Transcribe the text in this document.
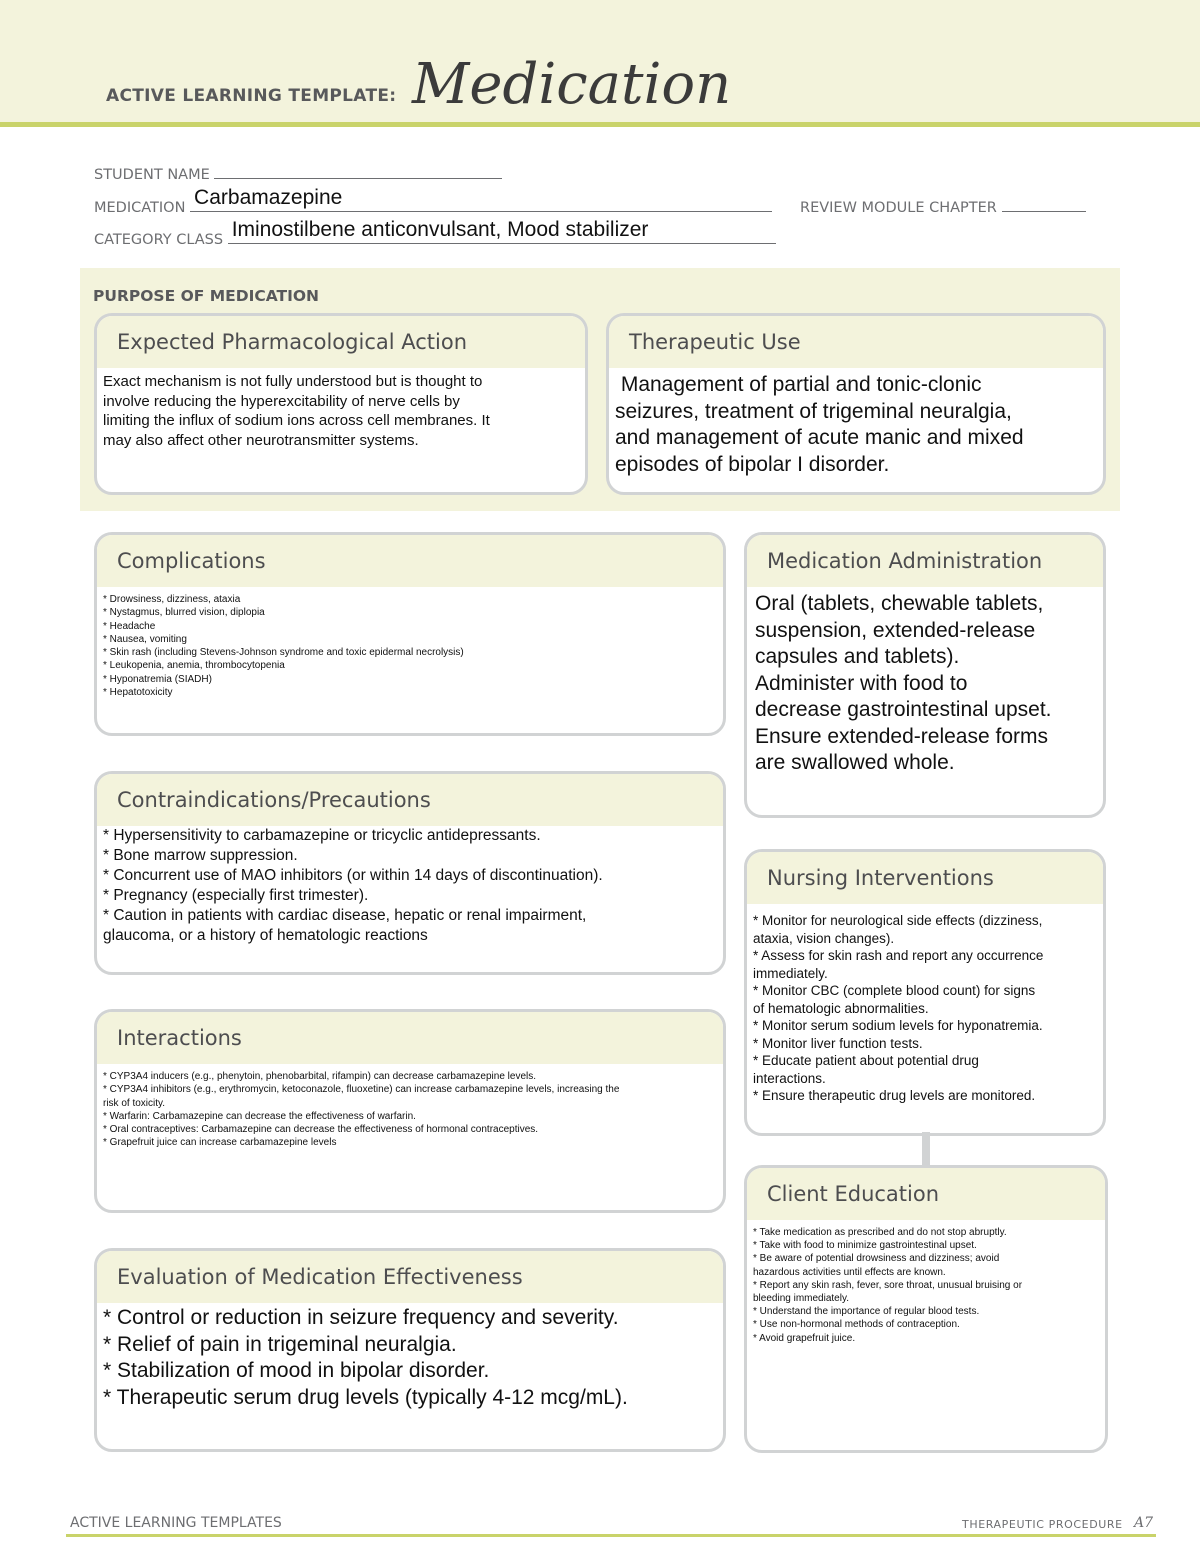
ACTIVE LEARNING TEMPLATE: Medication
STUDENT NAME
MEDICATION Carbamazepine	REVIEW MODULE CHAPTER
CATEGORY CLASS Iminostilbene anticonvulsant, Mood stabilizer
PURPOSE OF MEDICATION
Expected Pharmacological Action

Exact mechanism is not fully understood but is thought to

involve reducing the hyperexcitability of nerve cells by

limiting the influx of sodium ions across cell membranes. It

may also affect other neurotransmitter systems.

Therapeutic Use

Management of partial and tonic-clonic

seizures, treatment of trigeminal neuralgia,

and management of acute manic and mixed

episodes of bipolar I disorder.

Complications

* Drowsiness, dizziness, ataxia

* Nystagmus, blurred vision, diplopia

* Headache

* Nausea, vomiting

* Skin rash (including Stevens-Johnson syndrome and toxic epidermal necrolysis)

* Leukopenia, anemia, thrombocytopenia

* Hyponatremia (SIADH)

* Hepatotoxicity

Medication Administration

Oral (tablets, chewable tablets,

suspension, extended-release

capsules and tablets).

Administer with food to

decrease gastrointestinal upset.

Ensure extended-release forms

are swallowed whole.

Contraindications/Precautions

* Hypersensitivity to carbamazepine or tricyclic antidepressants.

* Bone marrow suppression.

* Concurrent use of MAO inhibitors (or within 14 days of discontinuation).

* Pregnancy (especially first trimester).

* Caution in patients with cardiac disease, hepatic or renal impairment,

glaucoma, or a history of hematologic reactions

Nursing Interventions

* Monitor for neurological side effects (dizziness,

ataxia, vision changes).

* Assess for skin rash and report any occurrence

immediately.

* Monitor CBC (complete blood count) for signs

of hematologic abnormalities.

* Monitor serum sodium levels for hyponatremia.

* Monitor liver function tests.

* Educate patient about potential drug

interactions.

* Ensure therapeutic drug levels are monitored.

Interactions

* CYP3A4 inducers (e.g., phenytoin, phenobarbital, rifampin) can decrease carbamazepine levels.

* CYP3A4 inhibitors (e.g., erythromycin, ketoconazole, fluoxetine) can increase carbamazepine levels, increasing the

risk of toxicity.

* Warfarin: Carbamazepine can decrease the effectiveness of warfarin.

* Oral contraceptives: Carbamazepine can decrease the effectiveness of hormonal contraceptives.

* Grapefruit juice can increase carbamazepine levels

Client Education

* Take medication as prescribed and do not stop abruptly.

* Take with food to minimize gastrointestinal upset.

* Be aware of potential drowsiness and dizziness; avoid

hazardous activities until effects are known.

* Report any skin rash, fever, sore throat, unusual bruising or

bleeding immediately.

* Understand the importance of regular blood tests.

* Use non-hormonal methods of contraception.

* Avoid grapefruit juice.

Evaluation of Medication Effectiveness

* Control or reduction in seizure frequency and severity.

* Relief of pain in trigeminal neuralgia.

* Stabilization of mood in bipolar disorder.

* Therapeutic serum drug levels (typically 4-12 mcg/mL).

ACTIVE LEARNING TEMPLATES	THERAPEUTIC PROCEDURE A7
